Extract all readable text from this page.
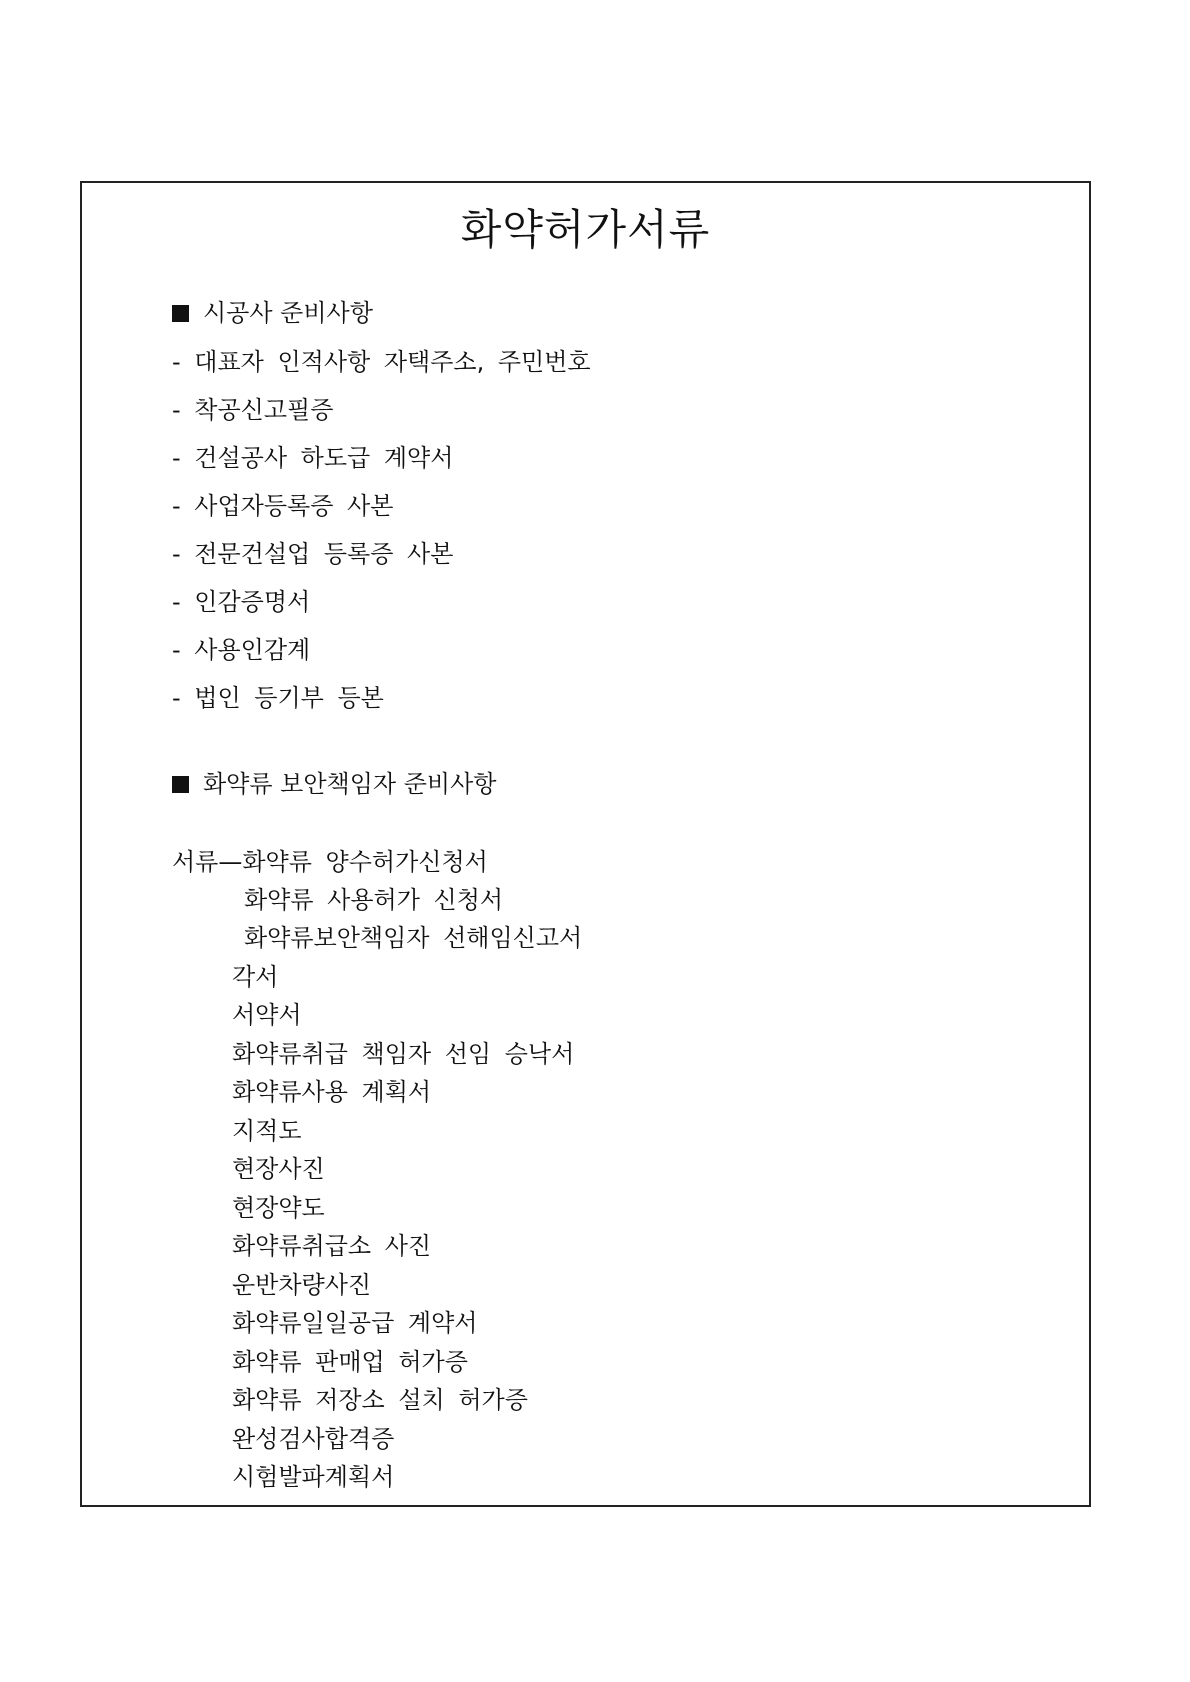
화약허가서류
시공사 준비사항
- 대표자 인적사항 자택주소, 주민번호
- 착공신고필증
- 건설공사 하도급 계약서
- 사업자등록증 사본
- 전문건설업 등록증 사본
- 인감증명서
- 사용인감계
- 법인 등기부 등본
화약류 보안책임자 준비사항
서류—화약류 양수허가신청서
화약류 사용허가 신청서
화약류보안책임자 선해임신고서
각서
서약서
화약류취급 책임자 선임 승낙서
화약류사용 계획서
지적도
현장사진
현장약도
화약류취급소 사진
운반차량사진
화약류일일공급 계약서
화약류 판매업 허가증
화약류 저장소 설치 허가증
완성검사합격증
시험발파계획서
